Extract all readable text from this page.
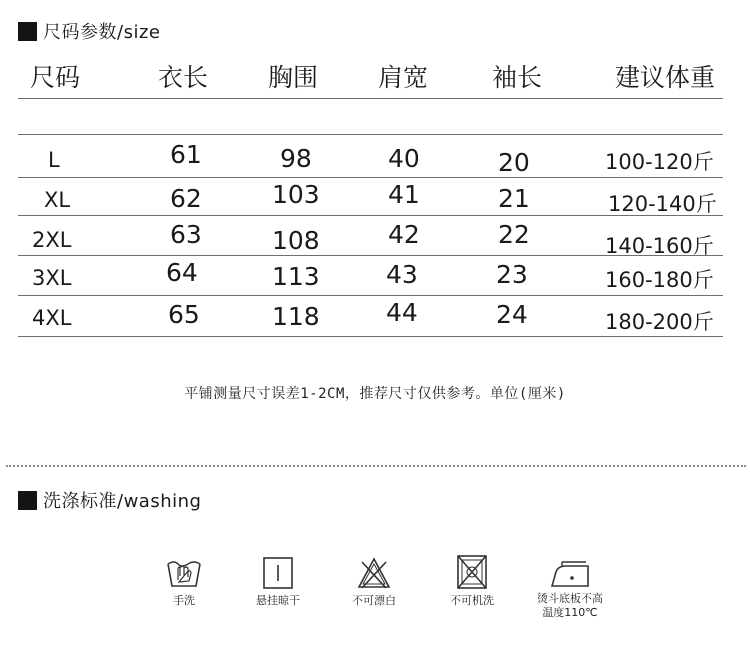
尺码参数/size
尺码	衣长 胸围 肩宽	袖长	建议体重
L	61	98	40	20	100-120斤
XL	62	103	41	21	120-140斤
2XL	63	108	42	22	140-160斤
3XL	64	113	43	23	160-180斤
4XL	65	118	44	24	180-200斤
平铺测量尺寸误差1-2CM，推荐尺寸仅供参考。单位(厘米)
洗涤标准/washing
手洗	悬挂晾干	不可漂白	不可机洗	烫斗底板不高
温度110℃
